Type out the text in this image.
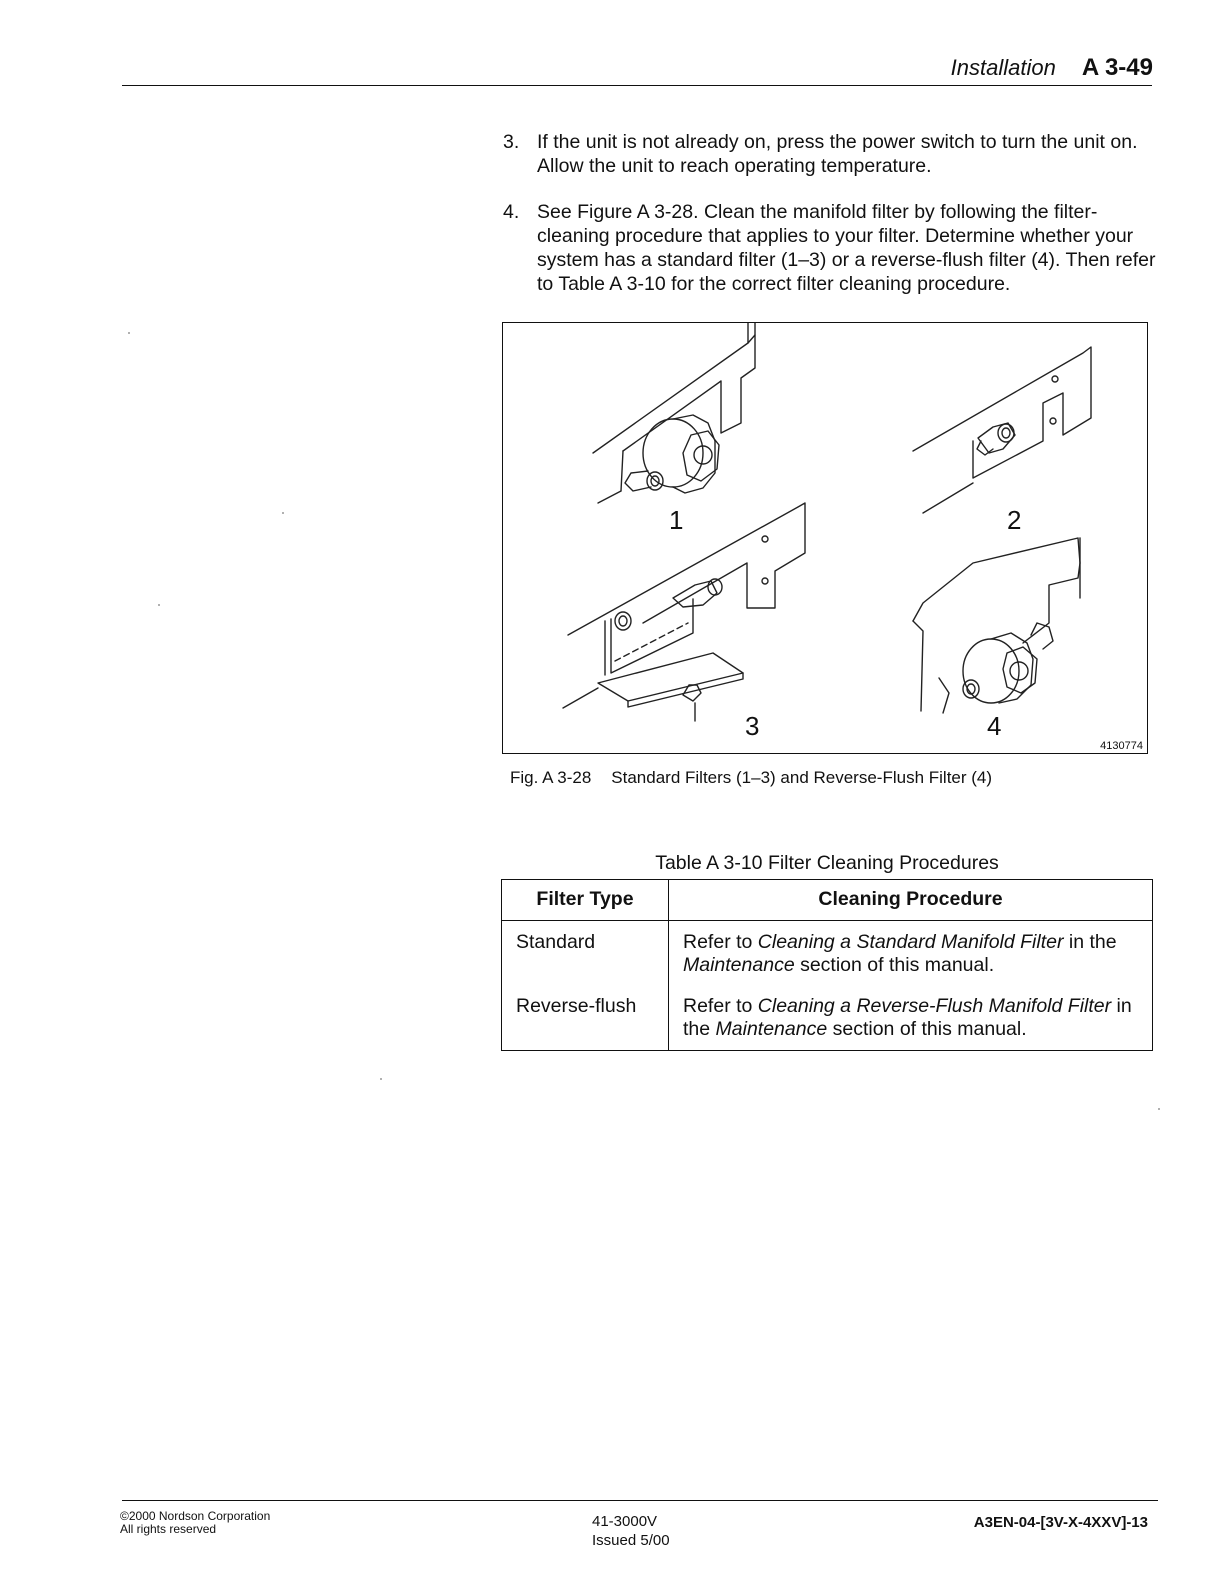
Installation A 3-49
3. If the unit is not already on, press the power switch to turn the unit on. Allow the unit to reach operating temperature.
4. See Figure A 3-28. Clean the manifold filter by following the filter-cleaning procedure that applies to your filter. Determine whether your system has a standard filter (1–3) or a reverse-flush filter (4). Then refer to Table A 3-10 for the correct filter cleaning procedure.
1	2
3	4
4130774
Fig. A 3-28 Standard Filters (1–3) and Reverse-Flush Filter (4)
Table A 3-10 Filter Cleaning Procedures
Filter Type	Cleaning Procedure
Standard	Refer to Cleaning a Standard Manifold Filter in the Maintenance section of this manual.
Reverse-flush	Refer to Cleaning a Reverse-Flush Manifold Filter in the Maintenance section of this manual.
©2000 Nordson Corporation
All rights reserved	41-3000V
Issued 5/00
A3EN-04-[3V-X-4XXV]-13
